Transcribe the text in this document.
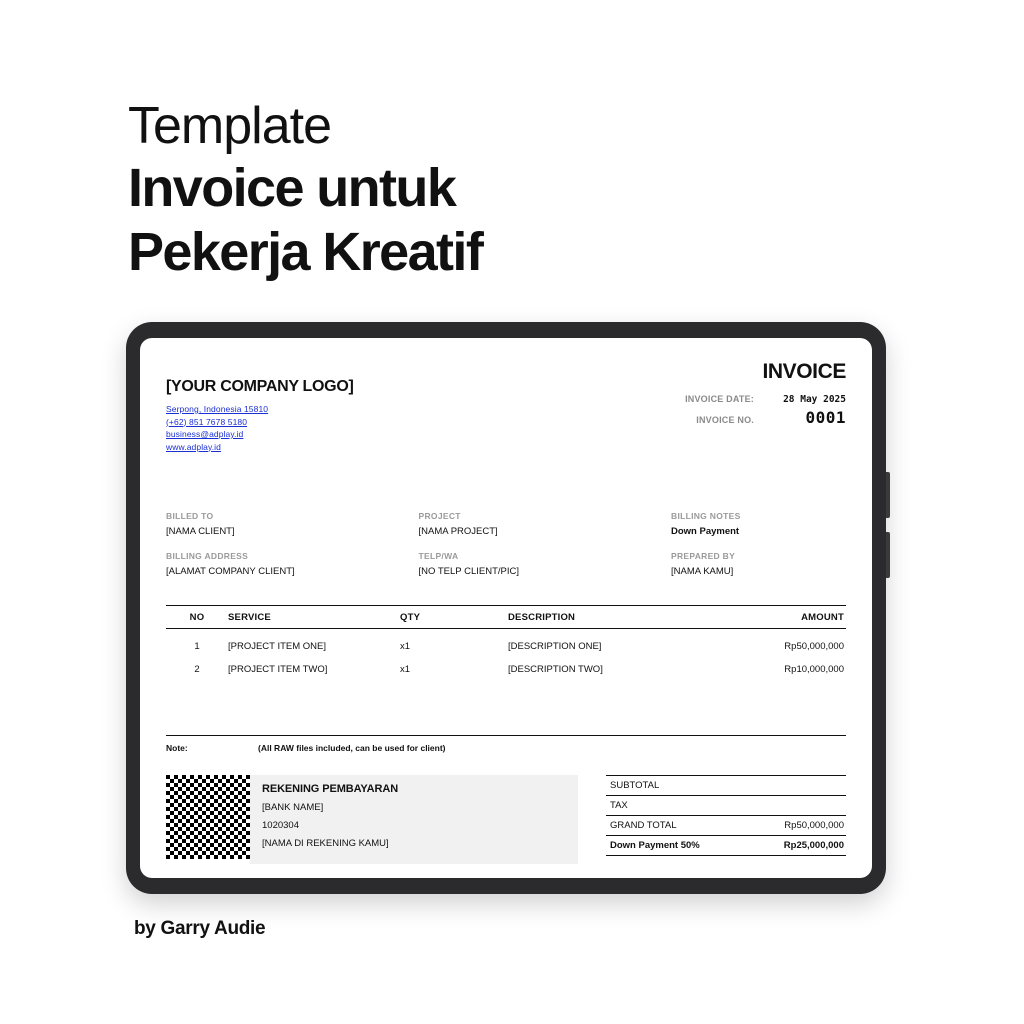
Template
Invoice untuk
Pekerja Kreatif
[YOUR COMPANY LOGO]
Serpong, Indonesia 15810
(+62) 851 7678 5180
business@adplay.id
www.adplay.id
INVOICE
INVOICE DATE:	28 May 2025
INVOICE NO.	0001
BILLED TO
[NAMA CLIENT]
BILLING ADDRESS
[ALAMAT COMPANY CLIENT]
PROJECT
[NAMA PROJECT]
TELP/WA
[NO TELP CLIENT/PIC]
BILLING NOTES
Down Payment
PREPARED BY
[NAMA KAMU]
NO	SERVICE	QTY	DESCRIPTION	AMOUNT
1	[PROJECT ITEM ONE]	x1	[DESCRIPTION ONE]	Rp50,000,000
2	[PROJECT ITEM TWO]	x1	[DESCRIPTION TWO]	Rp10,000,000
Note:	(All RAW files included, can be used for client)
REKENING PEMBAYARAN
[BANK NAME]
1020304
[NAMA DI REKENING KAMU]
SUBTOTAL
TAX
GRAND TOTAL	Rp50,000,000
Down Payment 50%	Rp25,000,000
by Garry Audie
